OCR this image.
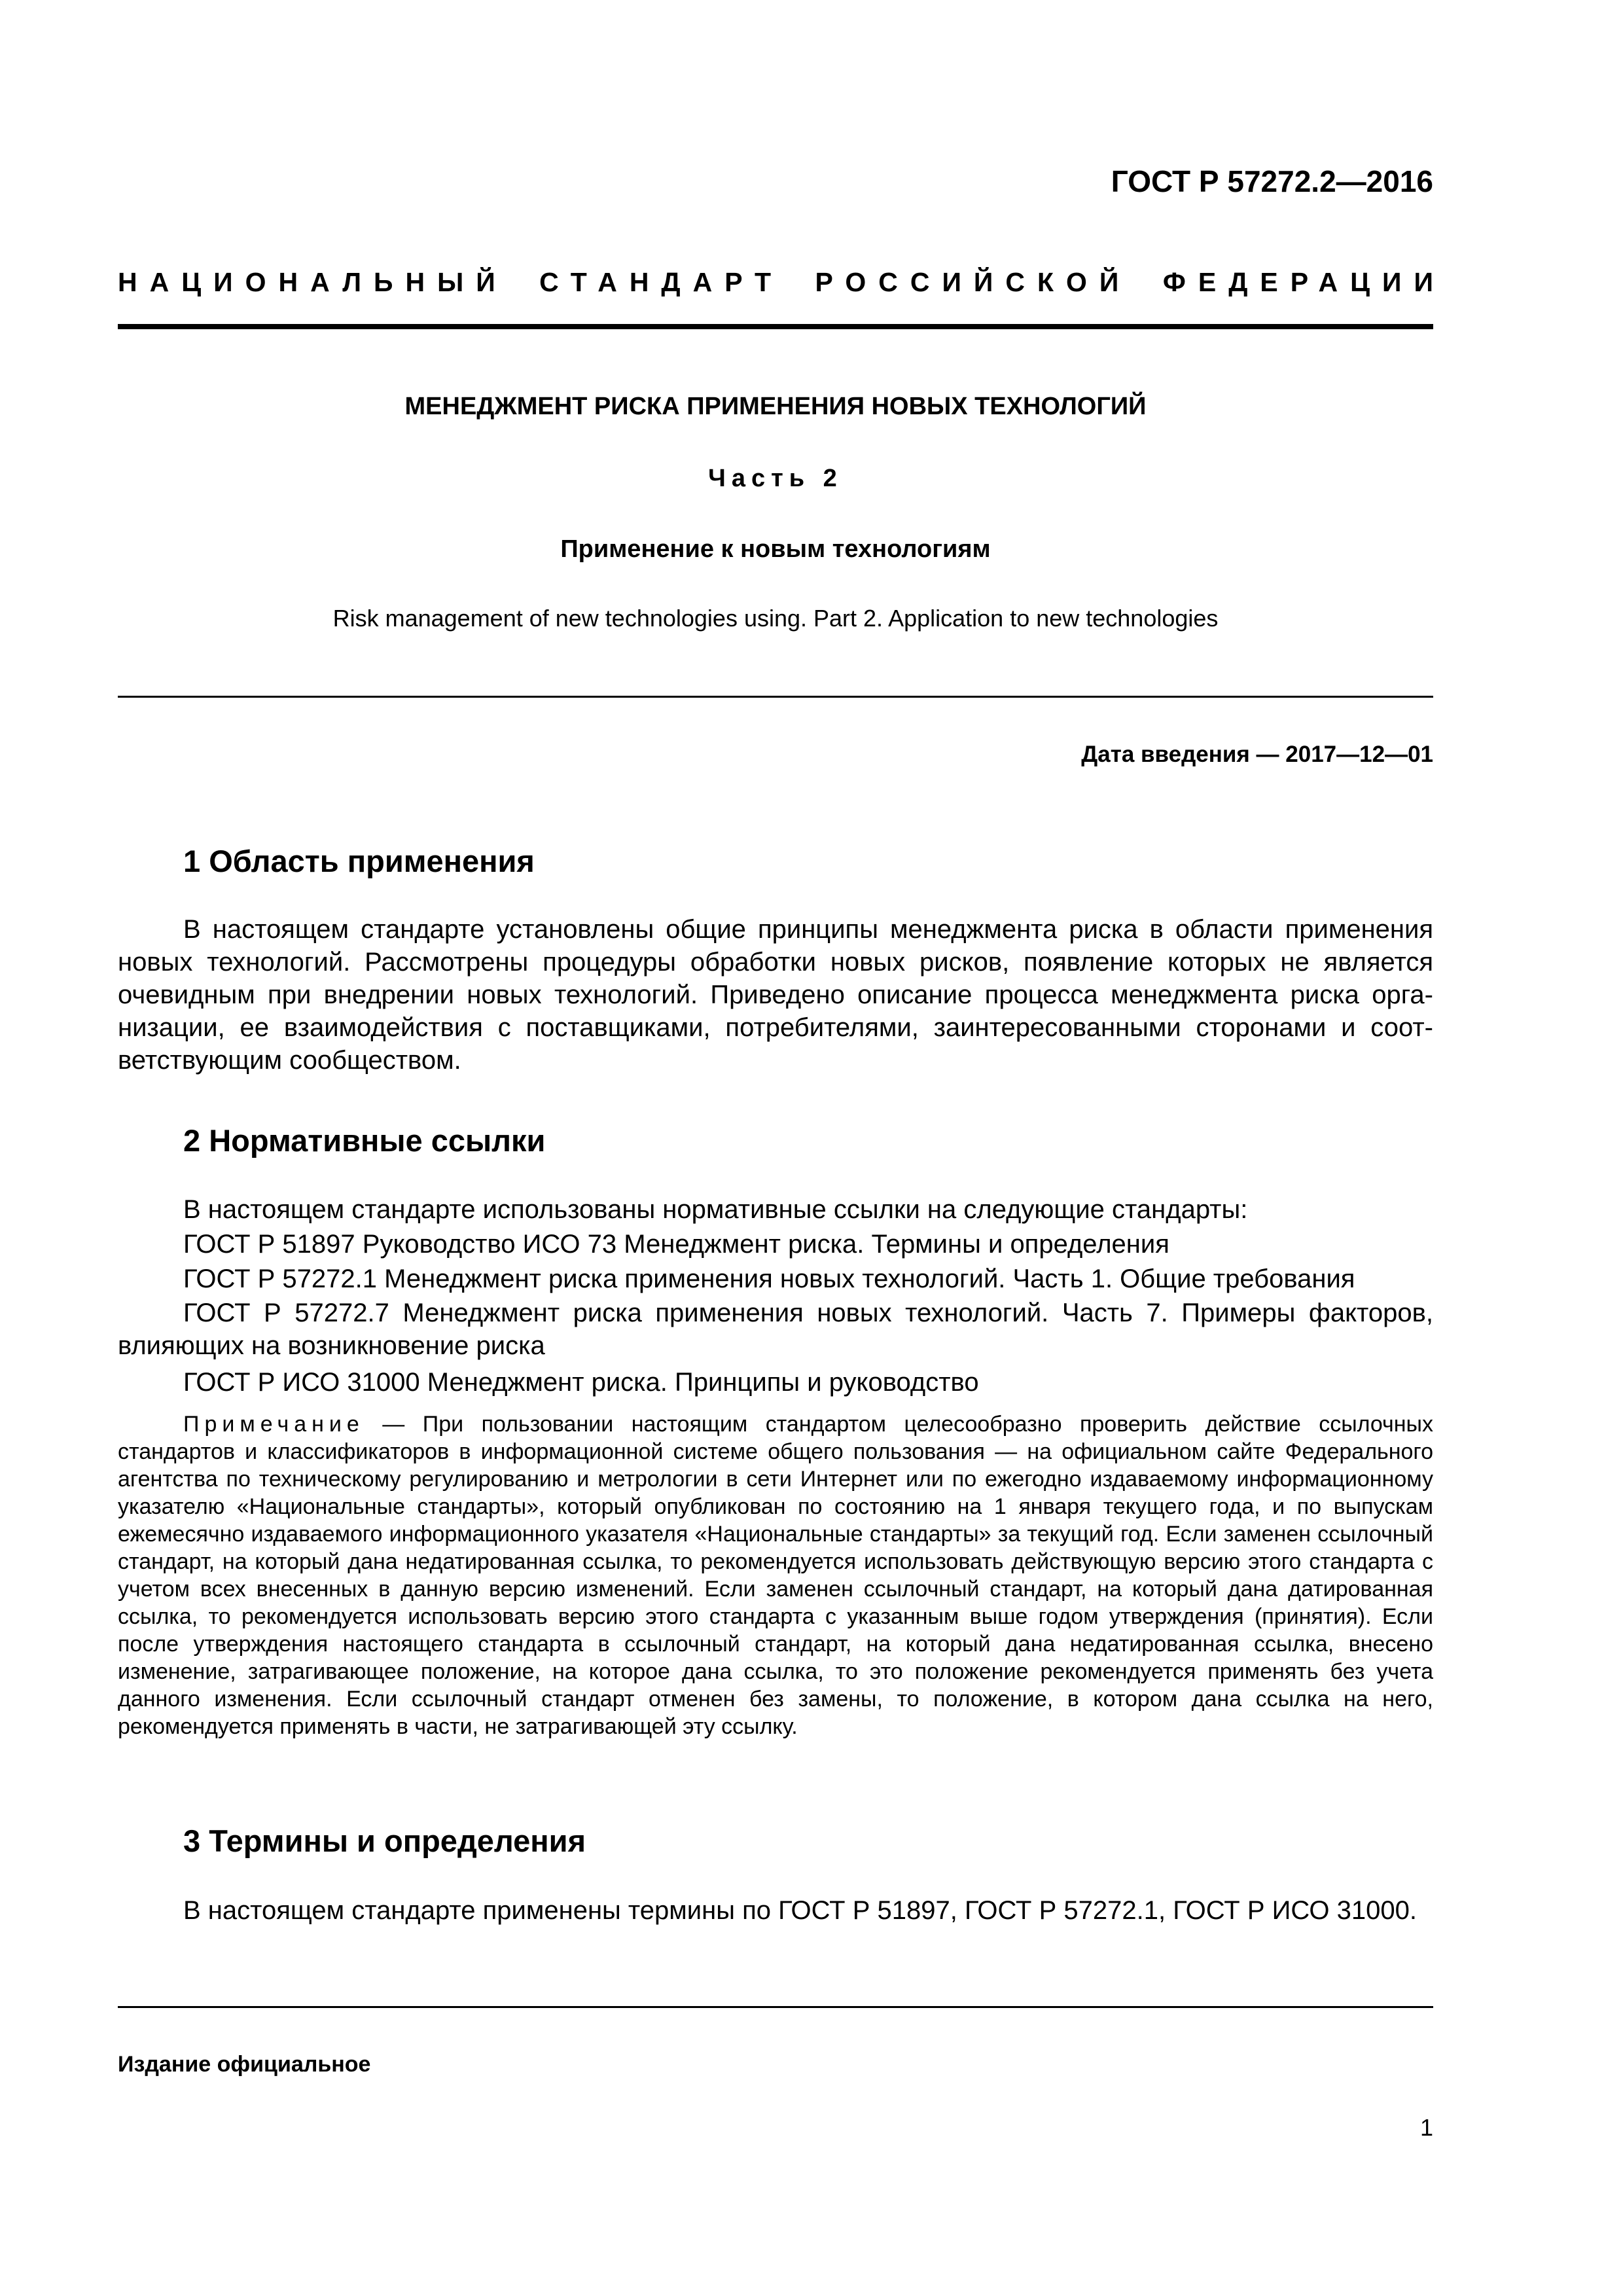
ГОСТ Р 57272.2—2016
НАЦИОНАЛЬНЫЙ СТАНДАРТ РОССИЙСКОЙ ФЕДЕРАЦИИ
МЕНЕДЖМЕНТ РИСКА ПРИМЕНЕНИЯ НОВЫХ ТЕХНОЛОГИЙ
Часть 2
Применение к новым технологиям
Risk management of new technologies using. Part 2. Application to new technologies
Дата введения — 2017—12—01
1 Область применения
В настоящем стандарте установлены общие принципы менеджмента риска в области применения новых технологий. Рассмотрены процедуры обработки новых рисков, появление которых не является очевидным при внедрении новых технологий. Приведено описание процесса менеджмента риска организации, ее взаимодействия с поставщиками, потребителями, заинтересованными сторонами и соответствующим сообществом.
2 Нормативные ссылки
В настоящем стандарте использованы нормативные ссылки на следующие стандарты:
ГОСТ Р 51897 Руководство ИСО 73 Менеджмент риска. Термины и определения
ГОСТ Р 57272.1 Менеджмент риска применения новых технологий. Часть 1. Общие требования
ГОСТ Р 57272.7 Менеджмент риска применения новых технологий. Часть 7. Примеры факторов, влияющих на возникновение риска
ГОСТ Р ИСО 31000 Менеджмент риска. Принципы и руководство
Примечание — При пользовании настоящим стандартом целесообразно проверить действие ссылочных стандартов и классификаторов в информационной системе общего пользования — на официальном сайте Федерального агентства по техническому регулированию и метрологии в сети Интернет или по ежегодно издаваемому информационному указателю «Национальные стандарты», который опубликован по состоянию на 1 января текущего года, и по выпускам ежемесячно издаваемого информационного указателя «Национальные стандарты» за текущий год. Если заменен ссылочный стандарт, на который дана недатированная ссылка, то рекомендуется использовать действующую версию этого стандарта с учетом всех внесенных в данную версию изменений. Если заменен ссылочный стандарт, на который дана датированная ссылка, то рекомендуется использовать версию этого стандарта с указанным выше годом утверждения (принятия). Если после утверждения настоящего стандарта в ссылочный стандарт, на который дана недатированная ссылка, внесено изменение, затрагивающее положение, на которое дана ссылка, то это положение рекомендуется применять без учета данного изменения. Если ссылочный стандарт отменен без замены, то положение, в котором дана ссылка на него, рекомендуется применять в части, не затрагивающей эту ссылку.
3 Термины и определения
В настоящем стандарте применены термины по ГОСТ Р 51897, ГОСТ Р 57272.1, ГОСТ Р ИСО 31000.
Издание официальное
1
